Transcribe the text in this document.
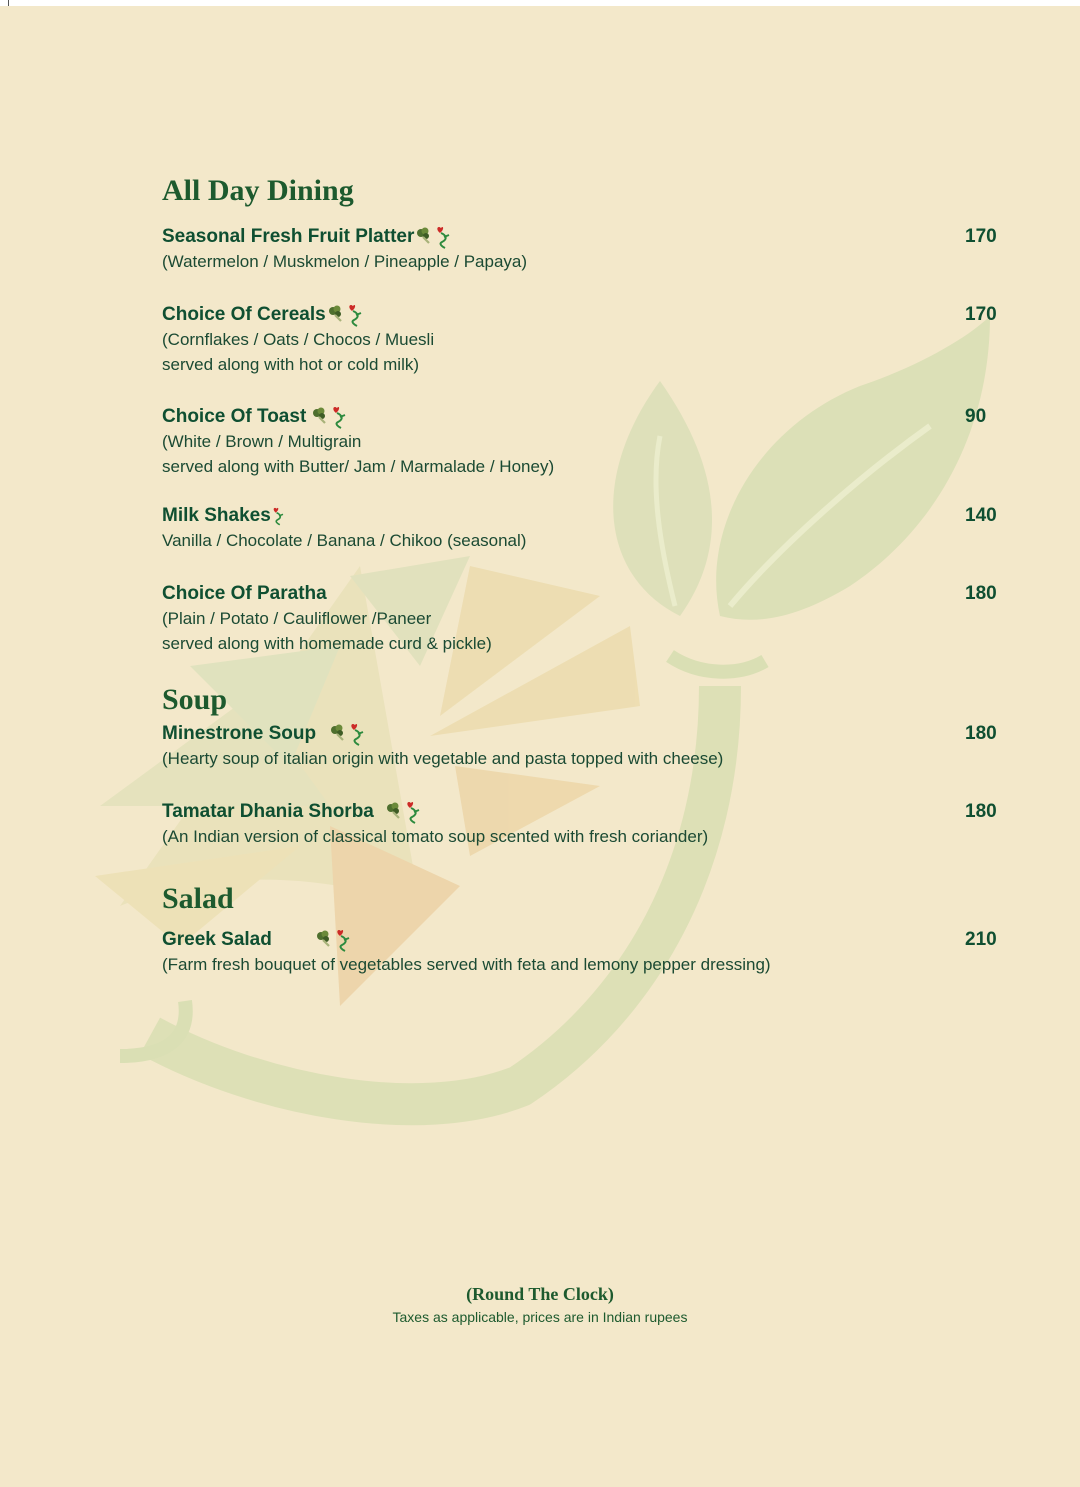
All Day Dining
Seasonal Fresh Fruit Platter	170
(Watermelon / Muskmelon / Pineapple / Papaya)
Choice Of Cereals	170
(Cornflakes / Oats / Chocos / Muesli
served along with hot or cold milk)
Choice Of Toast	90
(White / Brown / Multigrain
served along with Butter/ Jam / Marmalade / Honey)
Milk Shakes	140
Vanilla / Chocolate / Banana / Chikoo (seasonal)
Choice Of Paratha	180
(Plain / Potato / Cauliflower /Paneer
served along with homemade curd & pickle)
Soup
Minestrone Soup	180
(Hearty soup of italian origin with vegetable and pasta topped with cheese)
Tamatar Dhania Shorba	180
(An Indian version of classical tomato soup scented with fresh coriander)
Salad
Greek Salad	210
(Farm fresh bouquet of vegetables served with feta and lemony pepper dressing)
(Round The Clock)
Taxes as applicable, prices are in Indian rupees
